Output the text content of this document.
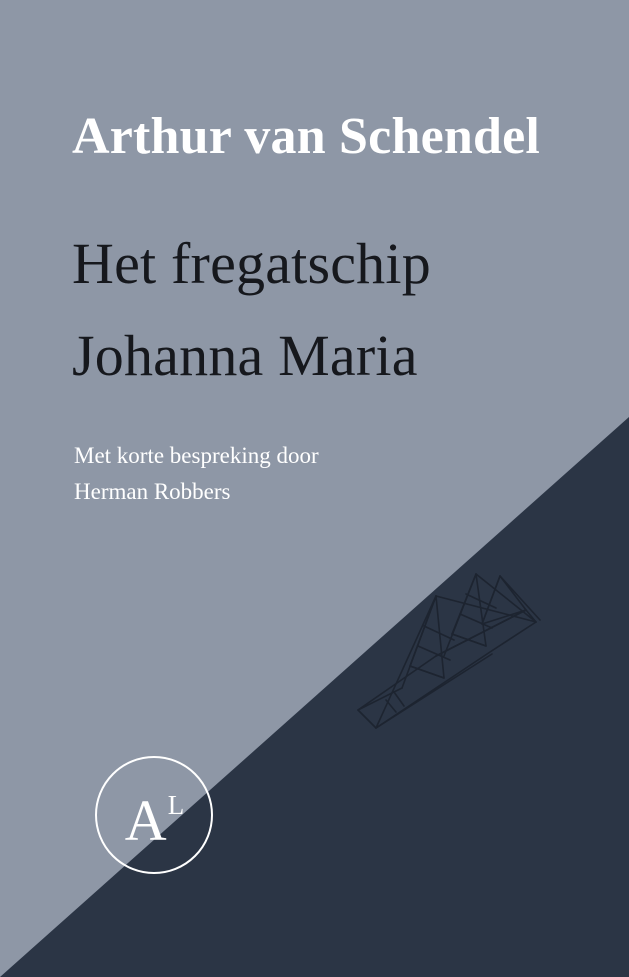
Arthur van Schendel
Het fregatschip
Johanna Maria
Met korte bespreking door
Herman Robbers
A L
